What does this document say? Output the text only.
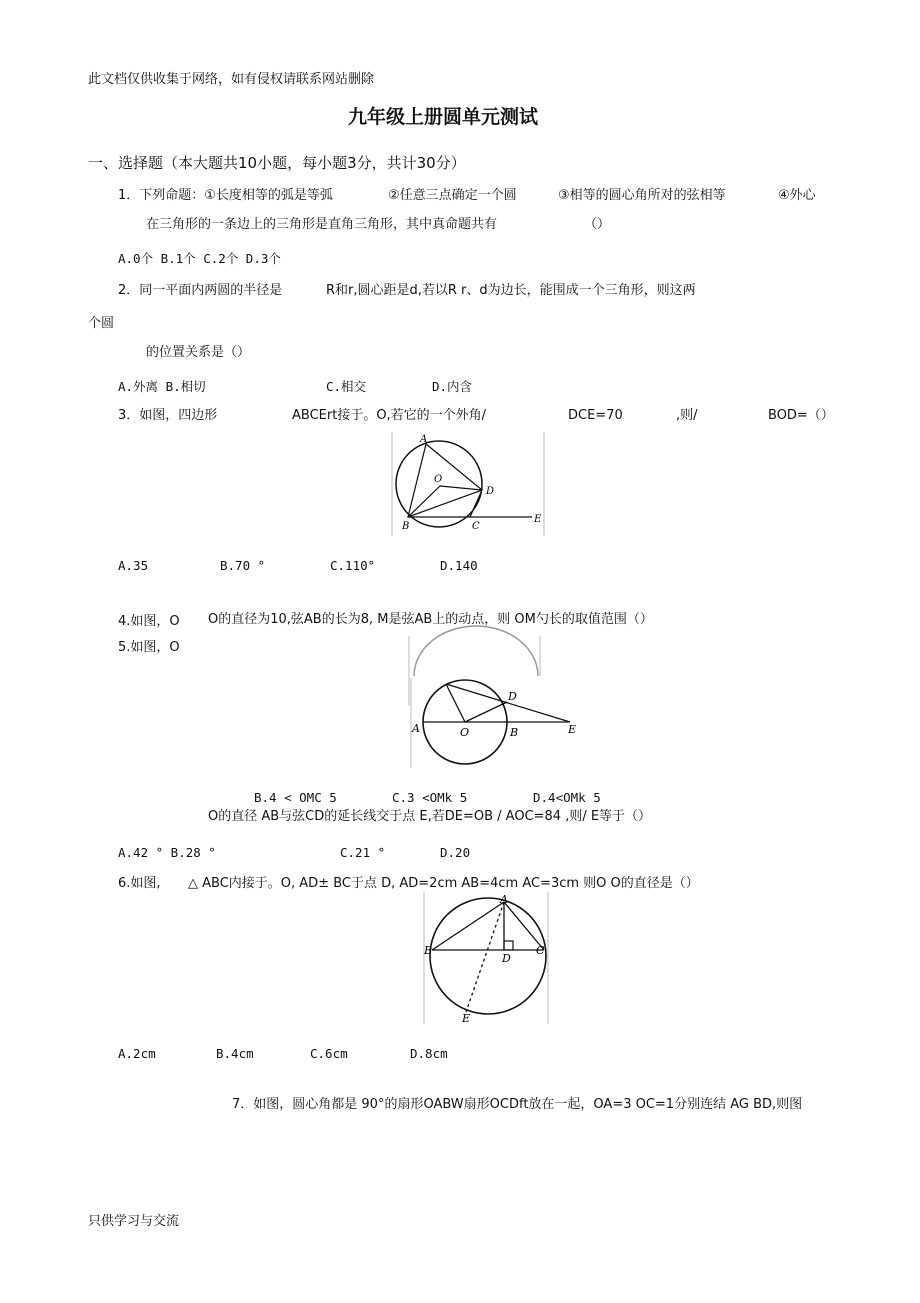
此文档仅供收集于网络，如有侵权请联系网站删除
九年级上册圆单元测试
一、选择题（本大题共10小题，每小题3分，共计30分）
1．下列命题：①长度相等的弧是等弧	②任意三点确定一个圆	③相等的圆心角所对的弦相等	④外心
在三角形的一条边上的三角形是直角三角形，其中真命题共有	（）
A.0个 B.1个 C.2个 D.3个
2．同一平面内两圆的半径是	R和r,圆心距是d,若以R r、d为边长，能围成一个三角形，则这两
个圆
的位置关系是（）
A.外离 B.相切	C.相交	D.内含
3．如图，四边形	ABCErt接于。O,若它的一个外角/	DCE=70	,则/	BOD=（）
A
O
D
B	C
E
A.35	B.70 °	C.110°	D.140
4.如图，O O的直径为10,弦AB的长为8, M是弦AB上的动点，则 OM勺长的取值范围（）
5.如图，O
A	O	B
D
E
B.4 < OMC 5	C.3 <OMk 5	D.4<OMk 5
O的直径 AB与弦CD的延长线交于点 E,若DE=OB / AOC=84 ,则/ E等于（）
A.42 ° B.28 °	C.21 °	D.20
6.如图, △ ABC内接于。O, AD± BC于点 D, AD=2cm AB=4cm AC=3cm 则O O的直径是（）
A
B	C
D
E
A.2cm	B.4cm	C.6cm	D.8cm
7．如图，圆心角都是 90°的扇形OABW扇形OCDft放在一起，OA=3 OC=1分别连结 AG BD,则图
只供学习与交流
